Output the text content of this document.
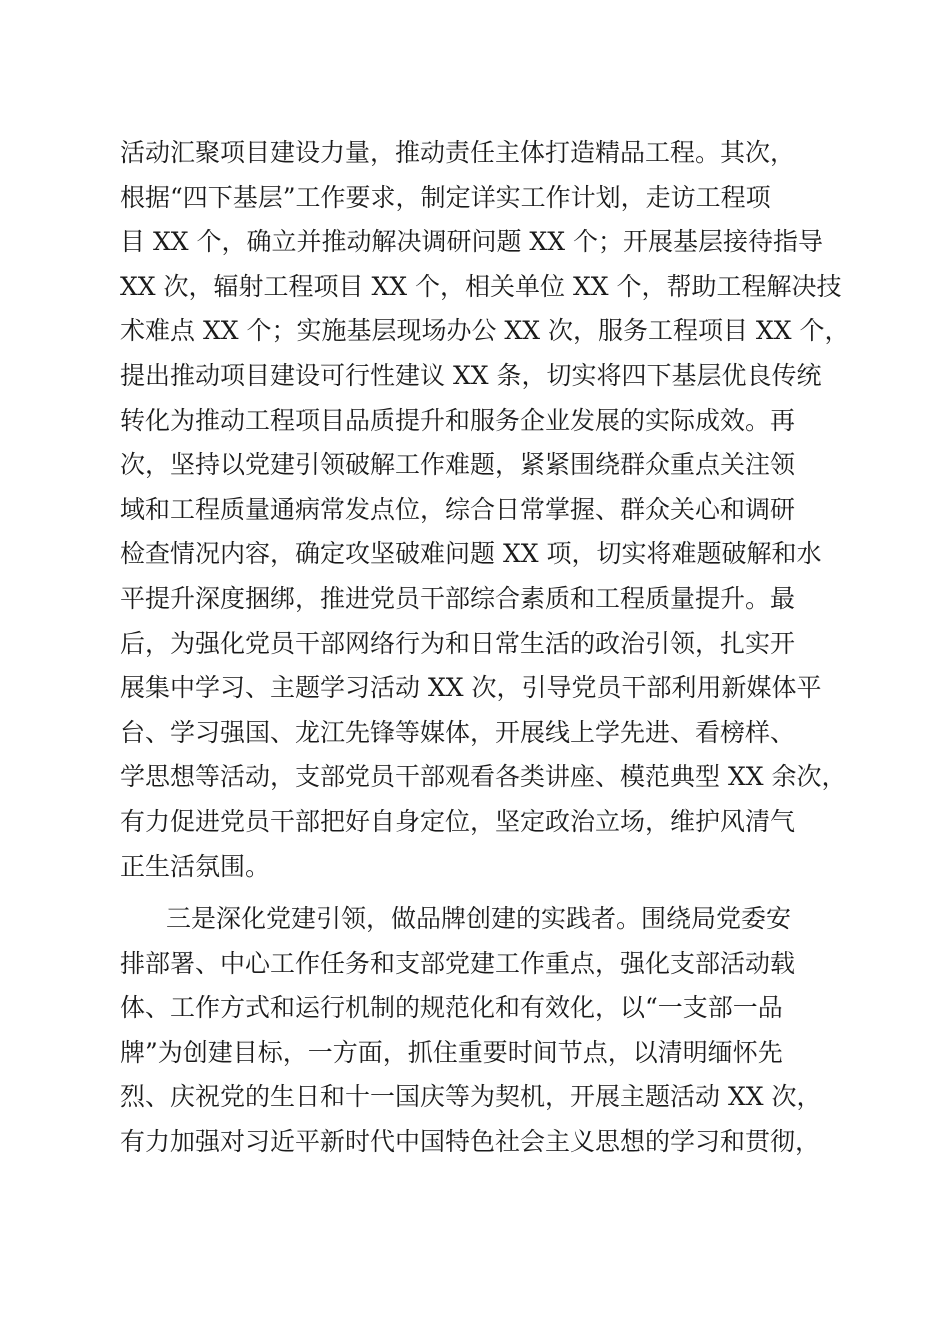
活动汇聚项目建设力量，推动责任主体打造精品工程。其次，
根据“四下基层”工作要求，制定详实工作计划，走访工程项
目 XX 个，确立并推动解决调研问题 XX 个；开展基层接待指导
XX 次，辐射工程项目 XX 个，相关单位 XX 个，帮助工程解决技
术难点 XX 个；实施基层现场办公 XX 次，服务工程项目 XX 个，
提出推动项目建设可行性建议 XX 条，切实将四下基层优良传统
转化为推动工程项目品质提升和服务企业发展的实际成效。再
次，坚持以党建引领破解工作难题，紧紧围绕群众重点关注领
域和工程质量通病常发点位，综合日常掌握、群众关心和调研
检查情况内容，确定攻坚破难问题 XX 项，切实将难题破解和水
平提升深度捆绑，推进党员干部综合素质和工程质量提升。最
后，为强化党员干部网络行为和日常生活的政治引领，扎实开
展集中学习、主题学习活动 XX 次，引导党员干部利用新媒体平
台、学习强国、龙江先锋等媒体，开展线上学先进、看榜样、
学思想等活动，支部党员干部观看各类讲座、模范典型 XX 余次，
有力促进党员干部把好自身定位，坚定政治立场，维护风清气
正生活氛围。
三是深化党建引领，做品牌创建的实践者。围绕局党委安
排部署、中心工作任务和支部党建工作重点，强化支部活动载
体、工作方式和运行机制的规范化和有效化，以“一支部一品
牌”为创建目标，一方面，抓住重要时间节点，以清明缅怀先
烈、庆祝党的生日和十一国庆等为契机，开展主题活动 XX 次，
有力加强对习近平新时代中国特色社会主义思想的学习和贯彻，
